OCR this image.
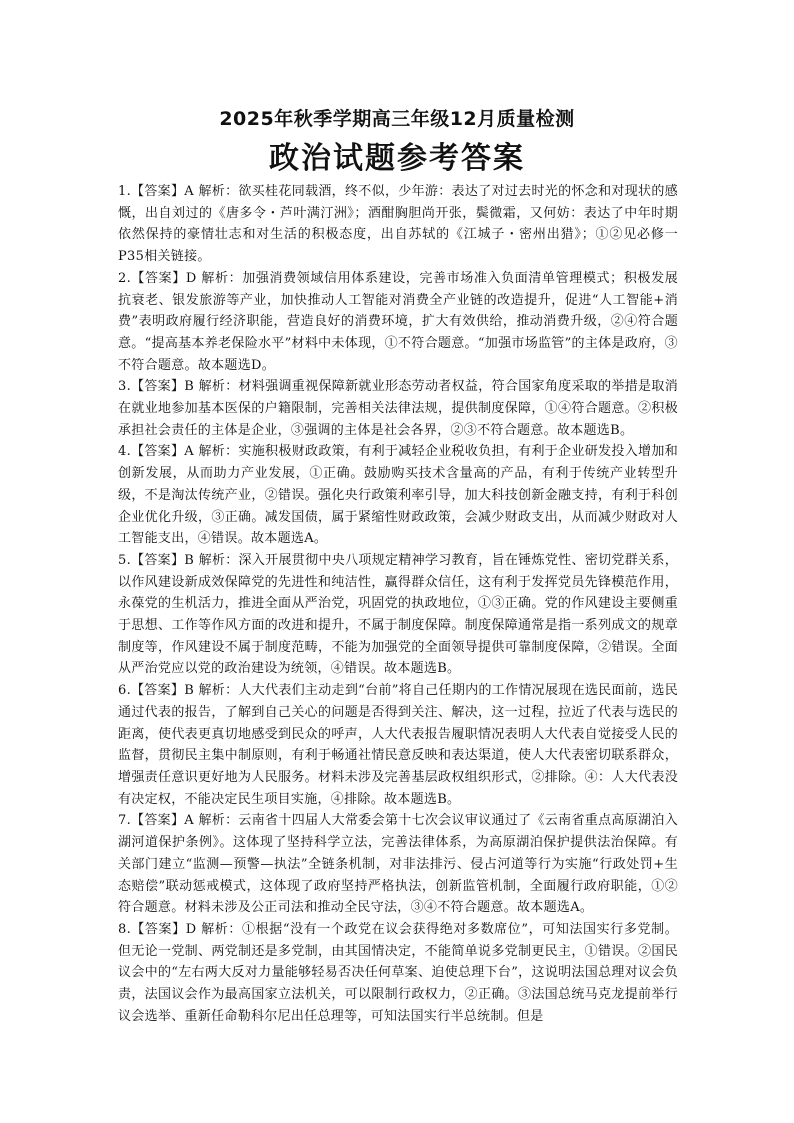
2025年秋季学期高三年级12月质量检测
政治试题参考答案

1.【答案】A 解析：欲买桂花同载酒，终不似，少年游：表达了对过去时光的怀念和对现状的感慨，出自刘过的《唐多令・芦叶满汀洲》；酒酣胸胆尚开张，鬓微霜，又何妨：表达了中年时期依然保持的豪情壮志和对生活的积极态度，出自苏轼的《江城子・密州出猎》；①②见必修一P35相关链接。

2.【答案】D 解析：加强消费领域信用体系建设，完善市场准入负面清单管理模式；积极发展抗衰老、银发旅游等产业，加快推动人工智能对消费全产业链的改造提升，促进“人工智能+消费”表明政府履行经济职能，营造良好的消费环境，扩大有效供给，推动消费升级，②④符合题意。“提高基本养老保险水平”材料中未体现，①不符合题意。“加强市场监管”的主体是政府，③不符合题意。故本题选D。

3.【答案】B 解析：材料强调重视保障新就业形态劳动者权益，符合国家角度采取的举措是取消在就业地参加基本医保的户籍限制，完善相关法律法规，提供制度保障，①④符合题意。②积极承担社会责任的主体是企业，③强调的主体是社会各界，②③不符合题意。故本题选B。

4.【答案】A 解析：实施积极财政政策，有利于减轻企业税收负担，有利于企业研发投入增加和创新发展，从而助力产业发展，①正确。鼓励购买技术含量高的产品，有利于传统产业转型升级，不是淘汰传统产业，②错误。强化央行政策利率引导，加大科技创新金融支持，有利于科创企业优化升级，③正确。减发国债，属于紧缩性财政政策，会减少财政支出，从而减少财政对人工智能支出，④错误。故本题选A。

5.【答案】B 解析：深入开展贯彻中央八项规定精神学习教育，旨在锤炼党性、密切党群关系，以作风建设新成效保障党的先进性和纯洁性，赢得群众信任，这有利于发挥党员先锋模范作用，永葆党的生机活力，推进全面从严治党，巩固党的执政地位，①③正确。党的作风建设主要侧重于思想、工作等作风方面的改进和提升，不属于制度保障。制度保障通常是指一系列成文的规章制度等，作风建设不属于制度范畴，不能为加强党的全面领导提供可靠制度保障，②错误。全面从严治党应以党的政治建设为统领，④错误。故本题选B。

6.【答案】B 解析：人大代表们主动走到“台前”将自己任期内的工作情况展现在选民面前，选民通过代表的报告，了解到自己关心的问题是否得到关注、解决，这一过程，拉近了代表与选民的距离，使代表更真切地感受到民众的呼声，人大代表报告履职情况表明人大代表自觉接受人民的监督，贯彻民主集中制原则，有利于畅通社情民意反映和表达渠道，使人大代表密切联系群众，增强责任意识更好地为人民服务。材料未涉及完善基层政权组织形式，②排除。④：人大代表没有决定权，不能决定民生项目实施，④排除。故本题选B。

7.【答案】A 解析：云南省十四届人大常委会第十七次会议审议通过了《云南省重点高原湖泊入湖河道保护条例》。这体现了坚持科学立法，完善法律体系，为高原湖泊保护提供法治保障。有关部门建立“监测—预警—执法”全链条机制，对非法排污、侵占河道等行为实施“行政处罚+生态赔偿”联动惩戒模式，这体现了政府坚持严格执法，创新监管机制，全面履行政府职能，①②符合题意。材料未涉及公正司法和推动全民守法，③④不符合题意。故本题选A。

8.【答案】D 解析：①根据“没有一个政党在议会获得绝对多数席位”，可知法国实行多党制。但无论一党制、两党制还是多党制，由其国情决定，不能简单说多党制更民主，①错误。②国民议会中的“左右两大反对力量能够轻易否决任何草案、迫使总理下台”，这说明法国总理对议会负责，法国议会作为最高国家立法机关，可以限制行政权力，②正确。③法国总统马克龙提前举行议会选举、重新任命勒科尔尼出任总理等，可知法国实行半总统制。但是
